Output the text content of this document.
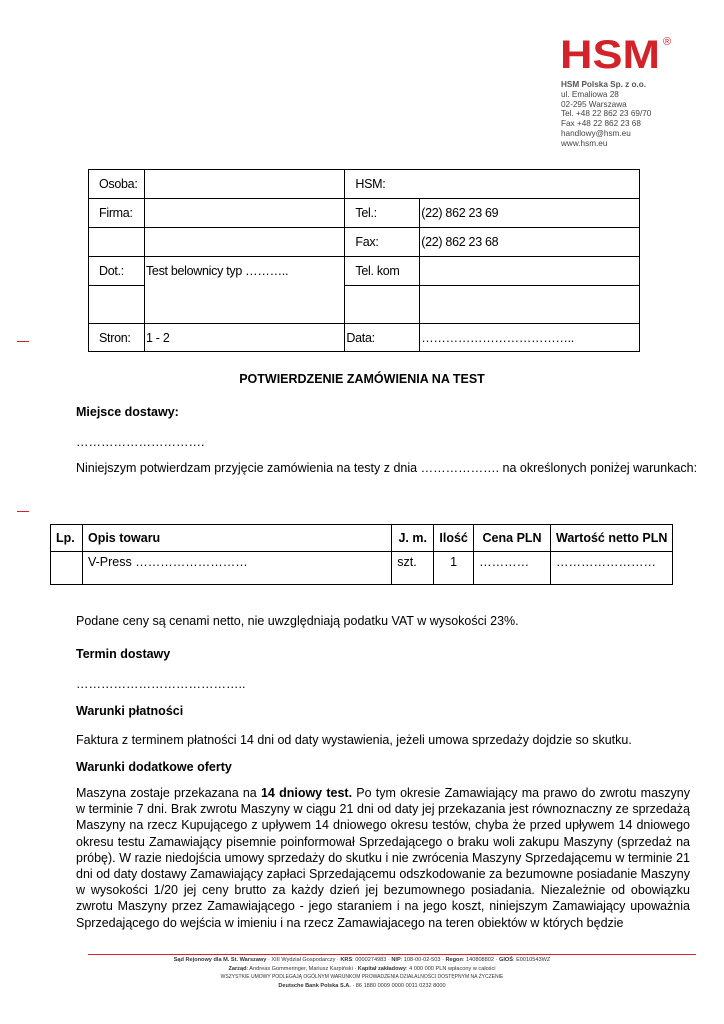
HSM ®
HSM Polska Sp. z o.o.
ul. Emaliowa 28
02-295 Warszawa
Tel. +48 22 862 23 69/70
Fax +48 22 862 23 68
handlowy@hsm.eu
www.hsm.eu
Osoba:		HSM:	
Firma:		Tel.:	(22) 862 23 69
		Fax:	(22) 862 23 68
Dot.:	Test belownicy typ ………..	Tel. kom	

Stron:	1 - 2	Data:	………………………………..
POTWIERDZENIE ZAMÓWIENIA NA TEST
Miejsce dostawy:
………………………….
Niniejszym potwierdzam przyjęcie zamówienia na testy z dnia ………………. na określonych poniżej warunkach:
Lp.	Opis towaru	J. m.	Ilość	Cena PLN	Wartość netto PLN
	V-Press ………………………	szt.	1	…………	……………………
Podane ceny są cenami netto, nie uwzględniają podatku VAT w wysokości 23%.
Termin dostawy
…………………………………..
Warunki płatności
Faktura z terminem płatności 14 dni od daty wystawienia, jeżeli umowa sprzedaży dojdzie so skutku.
Warunki dodatkowe oferty
Maszyna zostaje przekazana na 14 dniowy test. Po tym okresie Zamawiający ma prawo do zwrotu maszyny w terminie 7 dni. Brak zwrotu Maszyny w ciągu 21 dni od daty jej przekazania jest równoznaczny ze sprzedażą Maszyny na rzecz Kupującego z upływem 14 dniowego okresu testów, chyba że przed upływem 14 dniowego okresu testu Zamawiający pisemnie poinformował Sprzedającego o braku woli zakupu Maszyny (sprzedaż na próbę). W razie niedojścia umowy sprzedaży do skutku i nie zwrócenia Maszyny Sprzedającemu w terminie 21 dni od daty dostawy Zamawiający zapłaci Sprzedającemu odszkodowanie za bezumowne posiadanie Maszyny w wysokości 1/20 jej ceny brutto za każdy dzień jej bezumownego posiadania. Niezależnie od obowiązku zwrotu Maszyny przez Zamawiającego - jego staraniem i na jego koszt, niniejszym Zamawiający upoważnia Sprzedającego do wejścia w imieniu i na rzecz Zamawiajacego na teren obiektów w których będzie
Sąd Rejonowy dla M. St. Warszawy · XIII Wydział Gospodarczy · KRS: 0000274983 · NIP: 108-00-02-503 · Regon: 140808802 · GIOŚ: E0010543WZ
Zarząd: Andreas Gommeringer, Mariusz Karpiński · Kapitał zakładowy: 4 000 000 PLN wpłacony w całości
WSZYSTKIE UMOWY PODLEGAJĄ OGÓLNYM WARUNKOM PROWADZENIA DZIAŁALNOŚCI DOSTĘPNYM NA ŻYCZENIE
Deutsche Bank Polska S.A. · 86 1880 0009 0000 0011 0232 8000
